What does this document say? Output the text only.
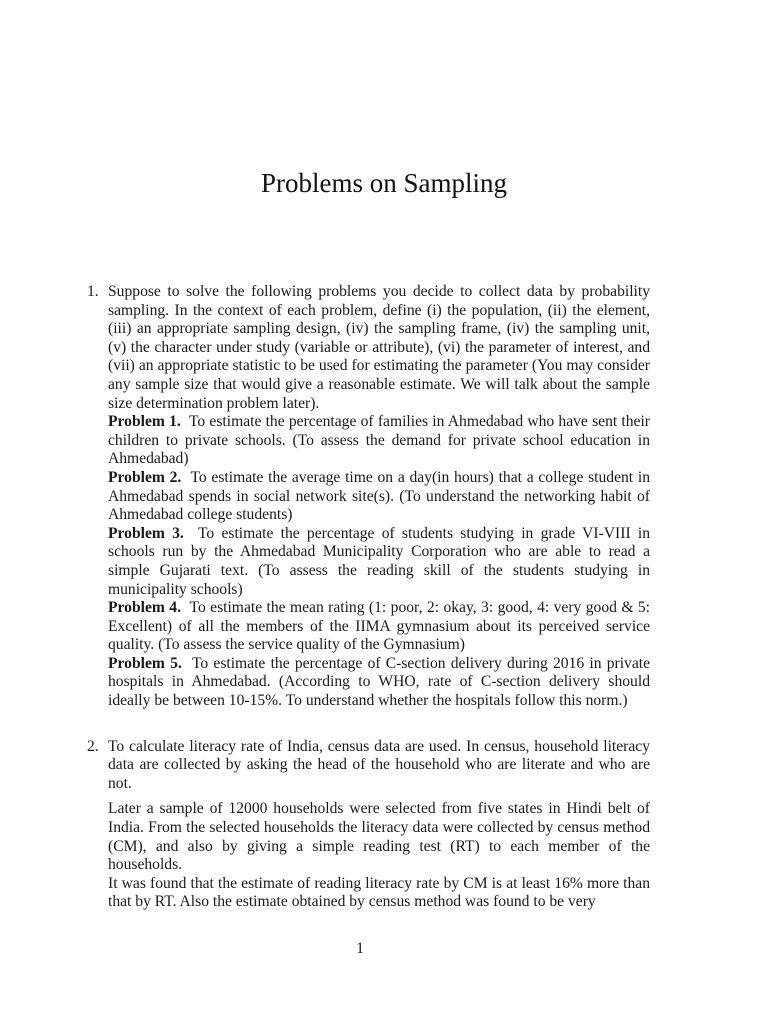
Problems on Sampling
1. Suppose to solve the following problems you decide to collect data by probability sampling. In the context of each problem, define (i) the population, (ii) the element, (iii) an appropriate sampling design, (iv) the sampling frame, (iv) the sampling unit, (v) the character under study (variable or attribute), (vi) the parameter of interest, and (vii) an appropriate statistic to be used for estimating the parameter (You may consider any sample size that would give a reasonable estimate. We will talk about the sample size determination problem later).

Problem 1. To estimate the percentage of families in Ahmedabad who have sent their children to private schools. (To assess the demand for private school education in Ahmedabad)

Problem 2. To estimate the average time on a day(in hours) that a college student in Ahmedabad spends in social network site(s). (To understand the networking habit of Ahmedabad college students)

Problem 3. To estimate the percentage of students studying in grade VI-VIII in schools run by the Ahmedabad Municipality Corporation who are able to read a simple Gujarati text. (To assess the reading skill of the students studying in municipality schools)

Problem 4. To estimate the mean rating (1: poor, 2: okay, 3: good, 4: very good & 5: Excellent) of all the members of the IIMA gymnasium about its perceived service quality. (To assess the service quality of the Gymnasium)

Problem 5. To estimate the percentage of C-section delivery during 2016 in private hospitals in Ahmedabad. (According to WHO, rate of C-section delivery should ideally be between 10-15%. To understand whether the hospitals follow this norm.)

2. To calculate literacy rate of India, census data are used. In census, household literacy data are collected by asking the head of the household who are literate and who are not.

Later a sample of 12000 households were selected from five states in Hindi belt of India. From the selected households the literacy data were collected by census method (CM), and also by giving a simple reading test (RT) to each member of the households.

It was found that the estimate of reading literacy rate by CM is at least 16% more than that by RT. Also the estimate obtained by census method was found to be very

1
